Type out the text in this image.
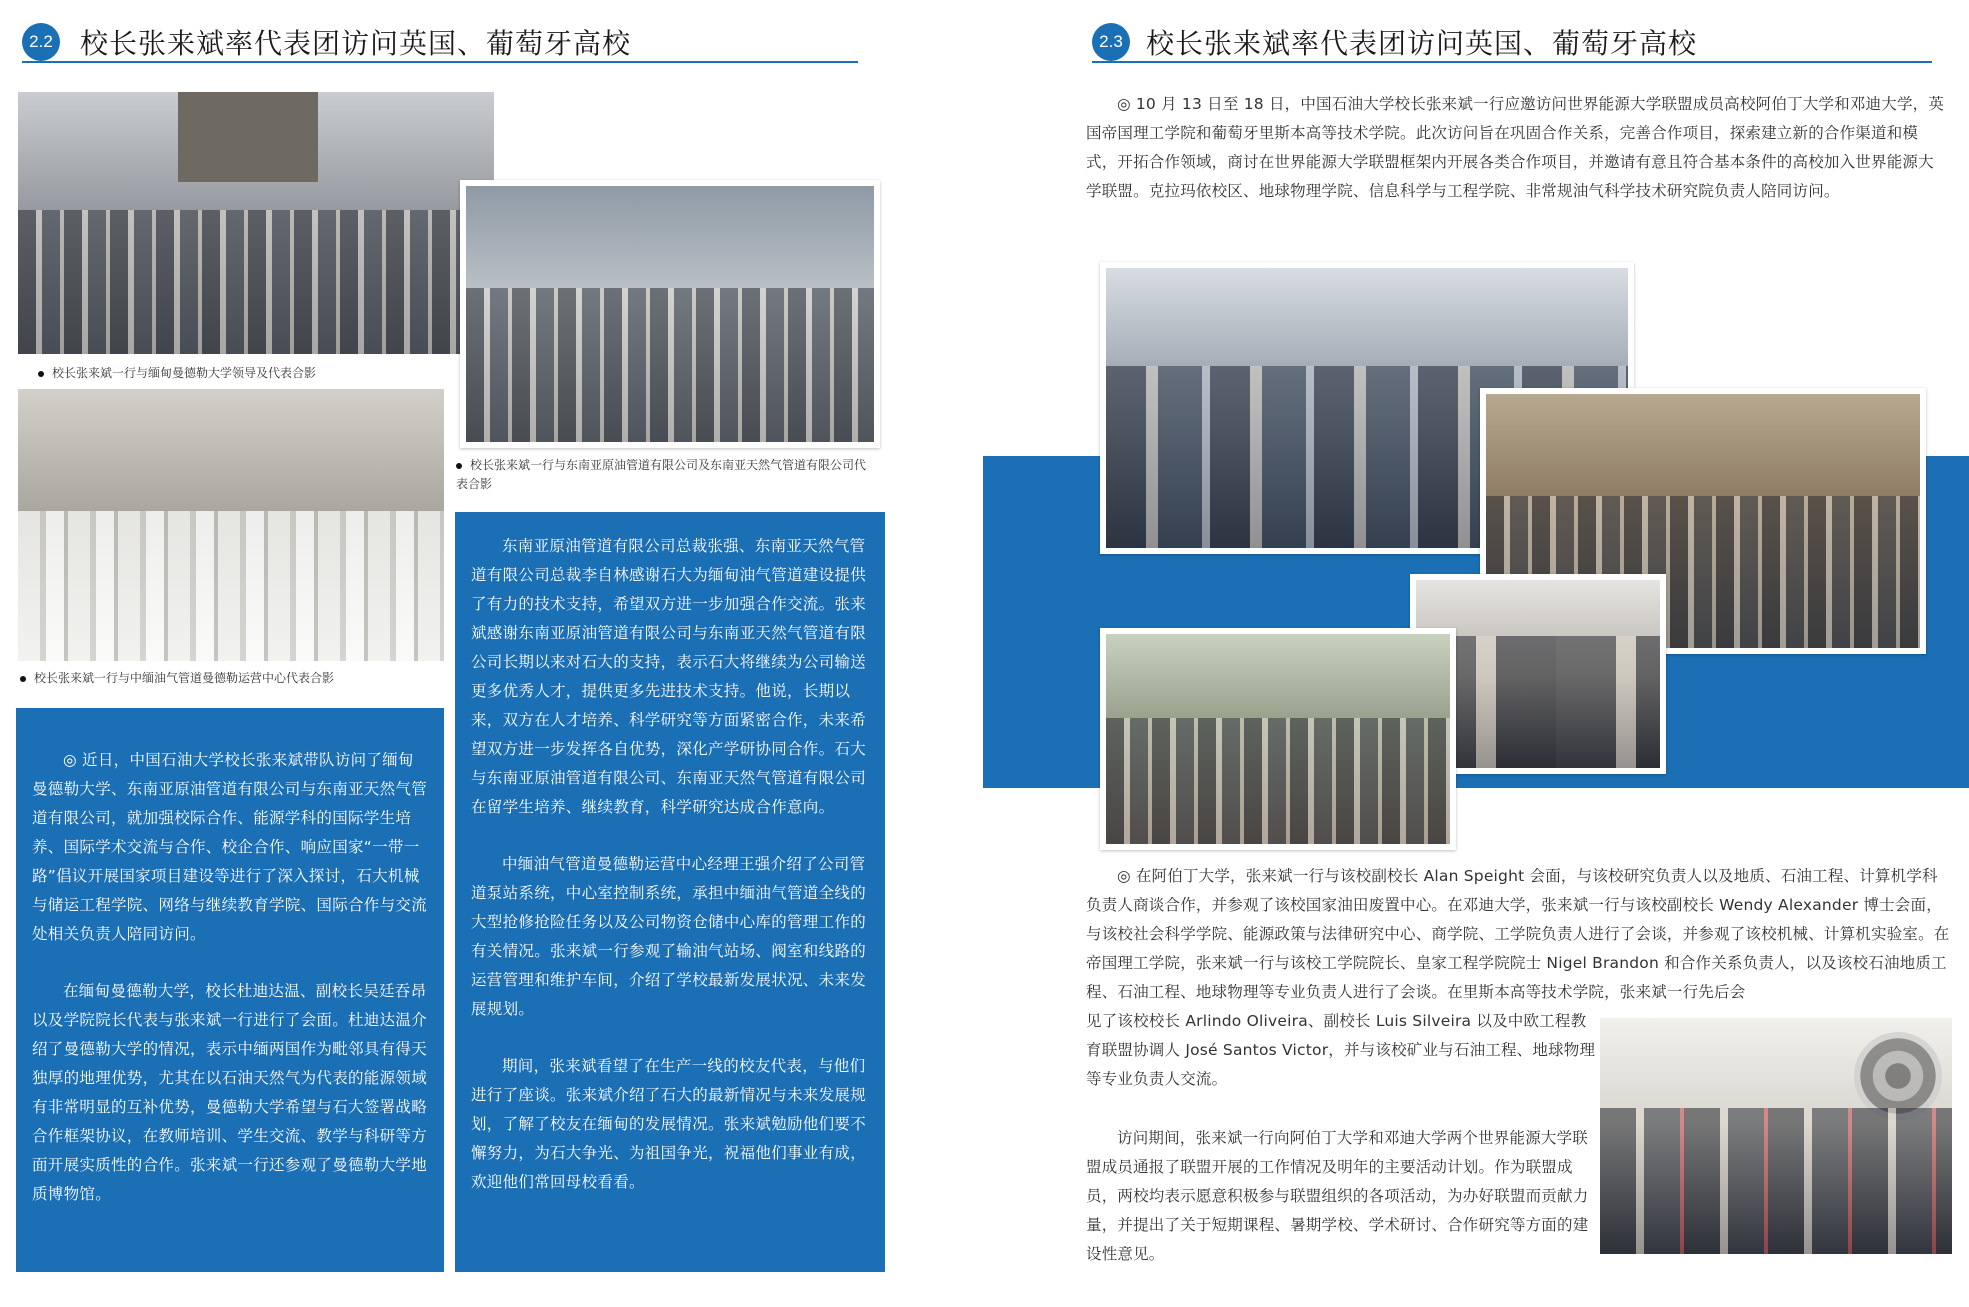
2.2 校长张来斌率代表团访问英国、葡萄牙高校
校长张来斌一行与缅甸曼德勒大学领导及代表合影
校长张来斌一行与东南亚原油管道有限公司及东南亚天然气管道有限公司代表合影
校长张来斌一行与中缅油气管道曼德勒运营中心代表合影

◎ 近日，中国石油大学校长张来斌带队访问了缅甸曼德勒大学、东南亚原油管道有限公司与东南亚天然气管道有限公司，就加强校际合作、能源学科的国际学生培养、国际学术交流与合作、校企合作、响应国家“一带一路”倡议开展国家项目建设等进行了深入探讨，石大机械与储运工程学院、网络与继续教育学院、国际合作与交流处相关负责人陪同访问。

在缅甸曼德勒大学，校长杜迪达温、副校长吴廷吞昂以及学院院长代表与张来斌一行进行了会面。杜迪达温介绍了曼德勒大学的情况，表示中缅两国作为毗邻具有得天独厚的地理优势，尤其在以石油天然气为代表的能源领域有非常明显的互补优势，曼德勒大学希望与石大签署战略合作框架协议，在教师培训、学生交流、教学与科研等方面开展实质性的合作。张来斌一行还参观了曼德勒大学地质博物馆。

东南亚原油管道有限公司总裁张强、东南亚天然气管道有限公司总裁李自林感谢石大为缅甸油气管道建设提供了有力的技术支持，希望双方进一步加强合作交流。张来斌感谢东南亚原油管道有限公司与东南亚天然气管道有限公司长期以来对石大的支持，表示石大将继续为公司输送更多优秀人才，提供更多先进技术支持。他说，长期以来，双方在人才培养、科学研究等方面紧密合作，未来希望双方进一步发挥各自优势，深化产学研协同合作。石大与东南亚原油管道有限公司、东南亚天然气管道有限公司在留学生培养、继续教育，科学研究达成合作意向。

中缅油气管道曼德勒运营中心经理王强介绍了公司管道泵站系统，中心室控制系统，承担中缅油气管道全线的大型抢修抢险任务以及公司物资仓储中心库的管理工作的有关情况。张来斌一行参观了输油气站场、阀室和线路的运营管理和维护车间，介绍了学校最新发展状况、未来发展规划。

期间，张来斌看望了在生产一线的校友代表，与他们进行了座谈。张来斌介绍了石大的最新情况与未来发展规划，了解了校友在缅甸的发展情况。张来斌勉励他们要不懈努力，为石大争光、为祖国争光，祝福他们事业有成，欢迎他们常回母校看看。

2.3 校长张来斌率代表团访问英国、葡萄牙高校

◎ 10 月 13 日至 18 日，中国石油大学校长张来斌一行应邀访问世界能源大学联盟成员高校阿伯丁大学和邓迪大学，英国帝国理工学院和葡萄牙里斯本高等技术学院。此次访问旨在巩固合作关系，完善合作项目，探索建立新的合作渠道和模式，开拓合作领域，商讨在世界能源大学联盟框架内开展各类合作项目，并邀请有意且符合基本条件的高校加入世界能源大学联盟。克拉玛依校区、地球物理学院、信息科学与工程学院、非常规油气科学技术研究院负责人陪同访问。

◎ 在阿伯丁大学，张来斌一行与该校副校长 Alan Speight 会面，与该校研究负责人以及地质、石油工程、计算机学科负责人商谈合作，并参观了该校国家油田废置中心。在邓迪大学，张来斌一行与该校副校长 Wendy Alexander 博士会面，与该校社会科学学院、能源政策与法律研究中心、商学院、工学院负责人进行了会谈，并参观了该校机械、计算机实验室。在帝国理工学院，张来斌一行与该校工学院院长、皇家工程学院院士 Nigel Brandon 和合作关系负责人，以及该校石油地质工程、石油工程、地球物理等专业负责人进行了会谈。在里斯本高等技术学院，张来斌一行先后会

见了该校校长 Arlindo Oliveira、副校长 Luis Silveira 以及中欧工程教育联盟协调人 José Santos Victor，并与该校矿业与石油工程、地球物理等专业负责人交流。

访问期间，张来斌一行向阿伯丁大学和邓迪大学两个世界能源大学联盟成员通报了联盟开展的工作情况及明年的主要活动计划。作为联盟成员，两校均表示愿意积极参与联盟组织的各项活动，为办好联盟而贡献力量，并提出了关于短期课程、暑期学校、学术研讨、合作研究等方面的建设性意见。
